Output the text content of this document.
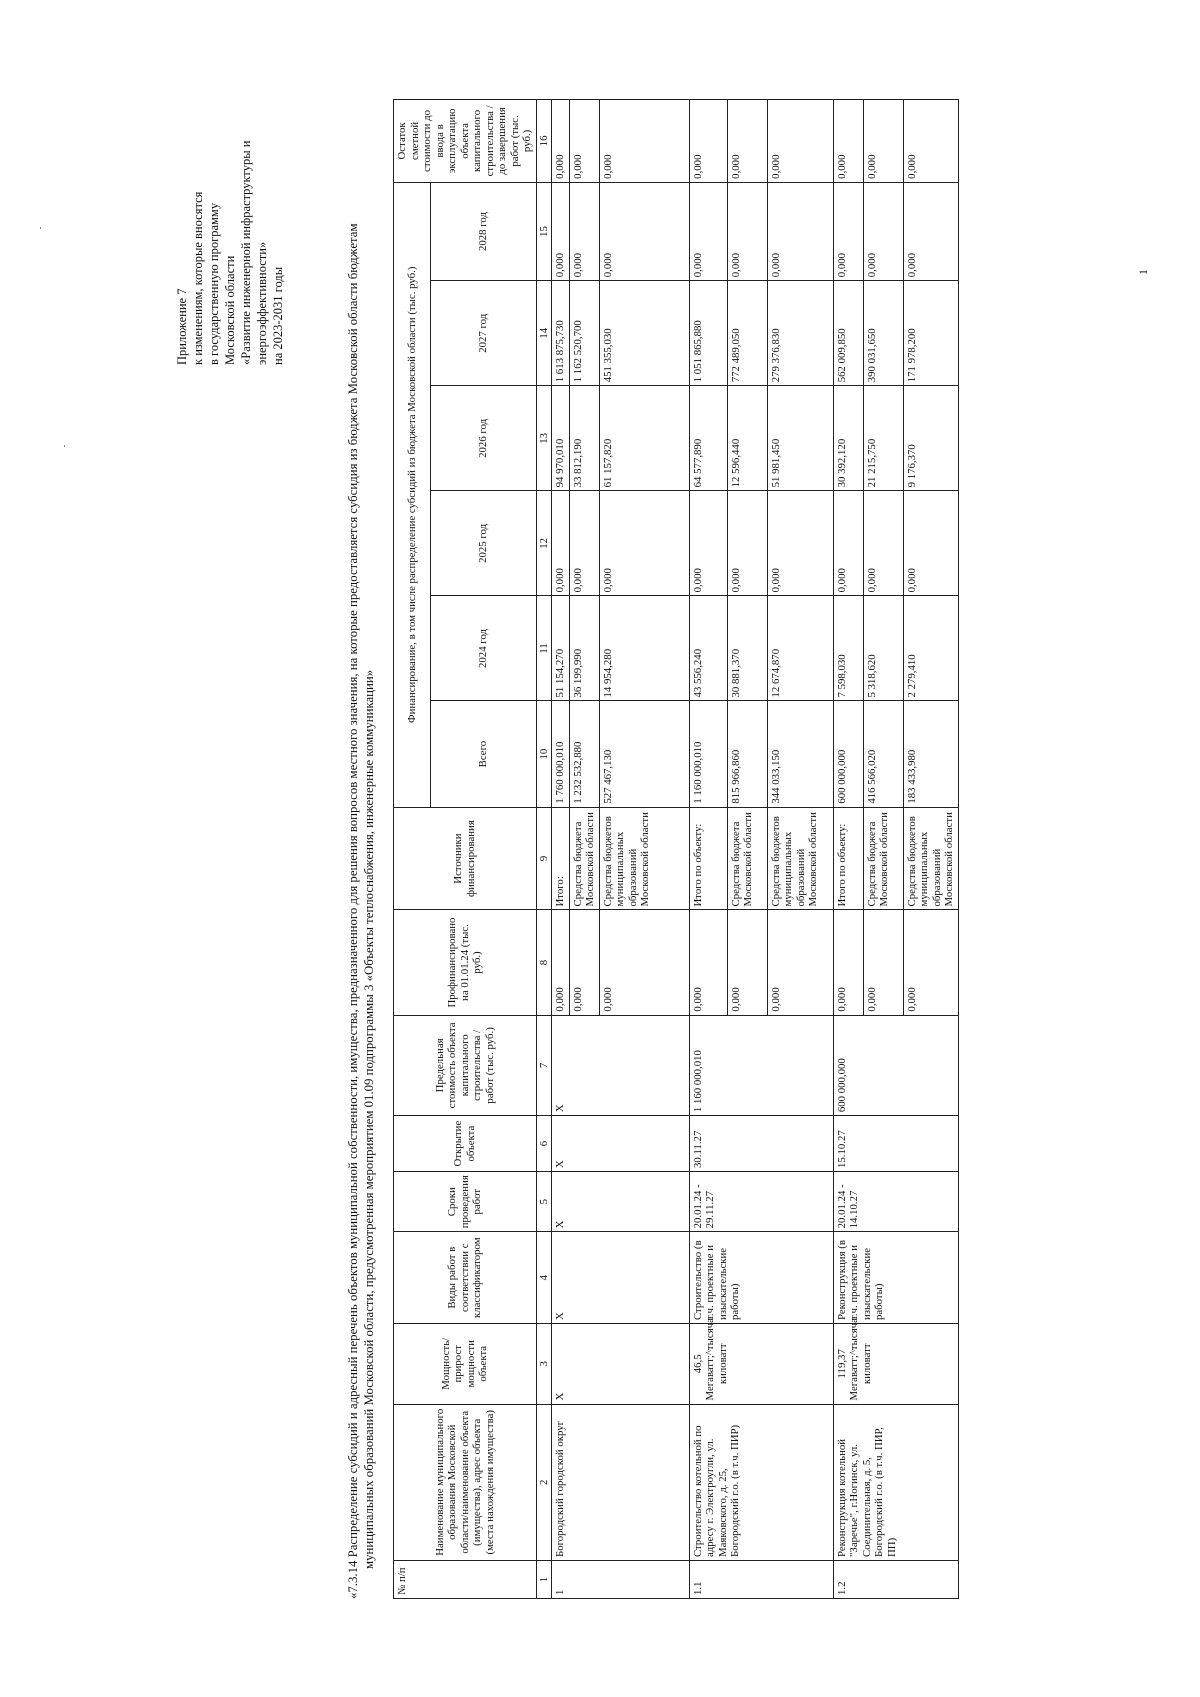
Приложение 7 к изменениям, которые вносятся в государственную программу Московской области «Развитие инженерной инфраструктуры и энергоэффективности» на 2023-2031 годы	«7.3.14 Распределение субсидий и адресный перечень объектов муниципальной собственности, имущества, предназначенного для решения вопросов местного значения, на которые предоставляется субсидия из бюджета Московской области бюджетам муниципальных образований Московской области, предусмотренная мероприятием 01.09 подпрограммы 3 «Объекты теплоснабжения, инженерные коммуникации»
№ п/п	Наименование муниципального образования Московской области/наименование объекта (имущества), адрес объекта (места нахождения имущества)	Мощность/ прирост мощности объекта	Виды работ в соответствии с классификатором	Сроки проведения работ	Открытие объекта	Предельная стоимость объекта капитального строительства / работ (тыс. руб.)	Профинансировано на 01.01.24 (тыс. руб.)	Источники финансирования	Финансирование, в том числе распределение субсидий из бюджета Московской области (тыс. руб.)						Остаток сметной стоимости до ввода в эксплуатацию объекта капитального строительства / до завершения работ (тыс. руб.)
									Всего	2024 год	2025 год	2026 год	2027 год	2028 год	
1	2	3	4	5	6	7	8	9	10	11	12	13	14	15	16
1	Богородский городской округ	X	X	X	X	X	0,000	Итого:	1 760 000,010	51 154,270	0,000	94 970,010	1 613 875,730	0,000	0,000
							0,000	Средства бюджета Московской области	1 232 532,880	36 199,990	0,000	33 812,190	1 162 520,700	0,000	0,000
							0,000	Средства бюджетов муниципальных образований Московской области	527 467,130	14 954,280	0,000	61 157,820	451 355,030	0,000	0,000
1.1	Строительство котельной по адресу г. Электроугли, ул. Маяковского, д. 25, Богородский г.о. (в т.ч. ПИР)	46,5 Мегаватт;^тысяча киловатт	Строительство (в т.ч. проектные и изыскательские работы)	20.01.24 - 29.11.27	30.11.27	1 160 000,010	0,000	Итого по объекту:	1 160 000,010	43 556,240	0,000	64 577,890	1 051 865,880	0,000	0,000
							0,000	Средства бюджета Московской области	815 966,860	30 881,370	0,000	12 596,440	772 489,050	0,000	0,000
							0,000	Средства бюджетов муниципальных образований Московской области	344 033,150	12 674,870	0,000	51 981,450	279 376,830	0,000	0,000
1.2	Реконструкция котельной "Заречье", г.Ногинск, ул. Соединительная, д. 5, Богородский г.о. (в т.ч. ПИР, ПП)	119,37 Мегаватт;^тысяча киловатт	Реконструкция (в т.ч. проектные и изыскательские работы)	20.01.24 - 14.10.27	15.10.27	600 000,000	0,000	Итого по объекту:	600 000,000	7 598,030	0,000	30 392,120	562 009,850	0,000	0,000
							0,000	Средства бюджета Московской области	416 566,020	5 318,620	0,000	21 215,750	390 031,650	0,000	0,000
							0,000	Средства бюджетов муниципальных образований Московской области	183 433,980	2 279,410	0,000	9 176,370	171 978,200	0,000	0,000
1
